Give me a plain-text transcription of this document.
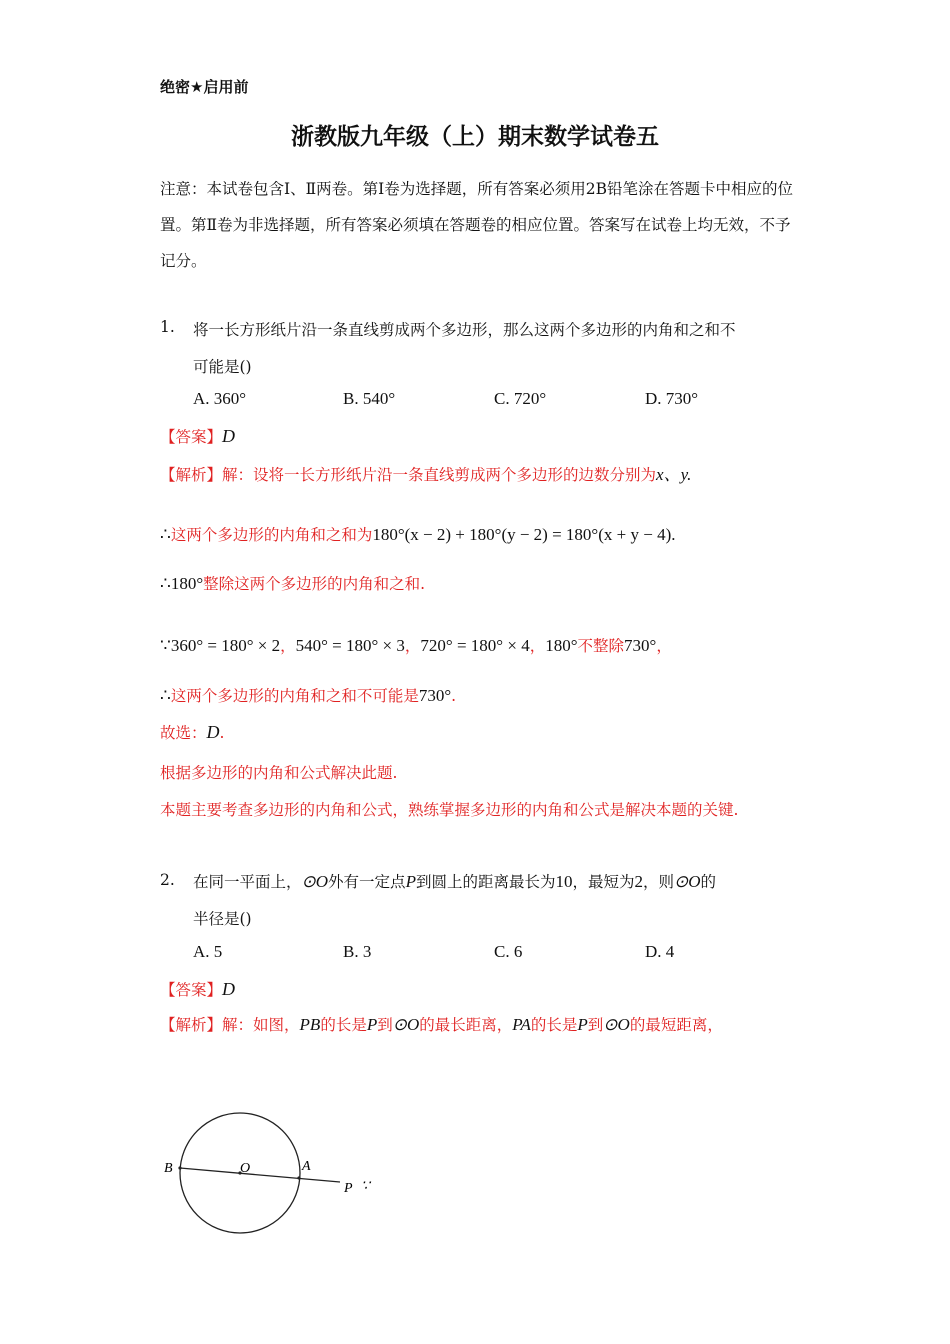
绝密★启用前
浙教版九年级（上）期末数学试卷五
注意：本试卷包含Ⅰ、Ⅱ两卷。第Ⅰ卷为选择题，所有答案必须用2B铅笔涂在答题卡中相应的位置。第Ⅱ卷为非选择题，所有答案必须填在答题卷的相应位置。答案写在试卷上均无效，不予记分。
1. 将一长方形纸片沿一条直线剪成两个多边形，那么这两个多边形的内角和之和不
可能是()
A. 360°	B. 540°	C. 720°	D. 730°
【答案】D
【解析】解：设将一长方形纸片沿一条直线剪成两个多边形的边数分别为x、y.
∴这两个多边形的内角和之和为180°(x − 2) + 180°(y − 2) = 180°(x + y − 4).
∴180°整除这两个多边形的内角和之和.
∵360° = 180° × 2，540° = 180° × 3，720° = 180° × 4，180°不整除730°，
∴这两个多边形的内角和之和不可能是730°.
故选：D.
根据多边形的内角和公式解决此题.
本题主要考查多边形的内角和公式，熟练掌握多边形的内角和公式是解决本题的关键.
2. 在同一平面上，⊙O外有一定点P到圆上的距离最长为10，最短为2，则⊙O的
半径是()
A. 5	B. 3	C. 6	D. 4
【答案】D
【解析】解：如图，PB的长是P到⊙O的最长距离，PA的长是P到⊙O的最短距离，
B	O	A
P ∵
